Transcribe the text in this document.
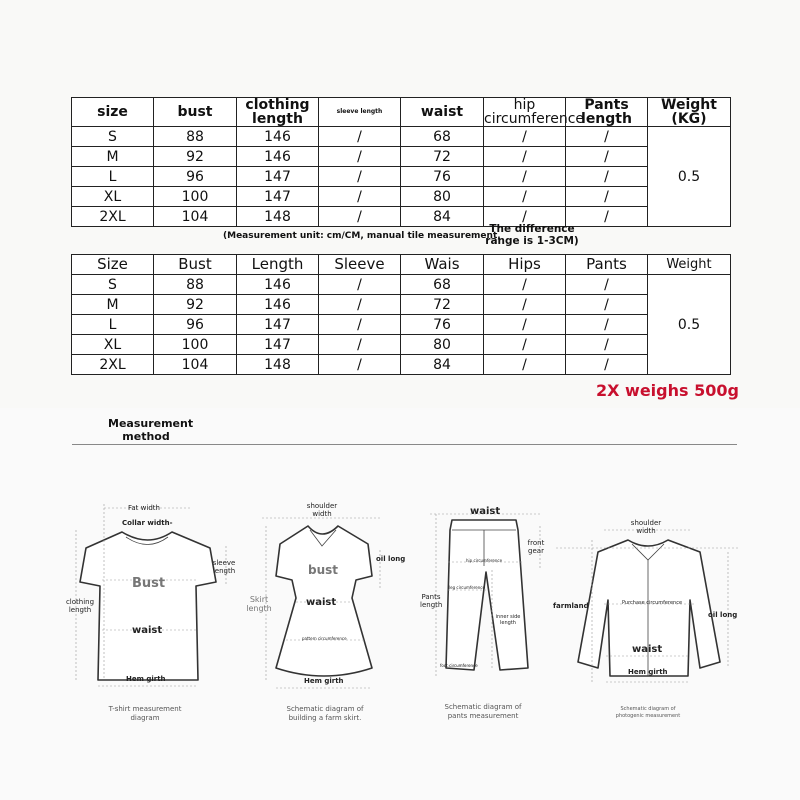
size	bust	clothing length	sleeve length	waist	hip circumference	Pants length	Weight (KG)
S	88	146	/	68	/	/	0.5
M	92	146	/	72	/	/	
L	96	147	/	76	/	/	
XL	100	147	/	80	/	/	
2XL	104	148	/	84	/	/	
(Measurement unit: cm/CM, manual tile measurement,
The difference range is 1-3CM)
Size	Bust	Length	Sleeve	Wais	Hips	Pants	Weight
S	88	146	/	68	/	/	0.5
M	92	146	/	72	/	/	
L	96	147	/	76	/	/	
XL	100	147	/	80	/	/	
2XL	104	148	/	84	/	/	
2X weighs 500g
Measurement method
Fat width
Collar width-
sleeve length
Bust
clothing length
waist
Hem girth
T-shirt measurement diagram
shoulder width
oil long
bust
Skirt length
waist
pattern circumference
Hem girth
Schematic diagram of building a farm skirt.
waist
front gear
hip circumference
Pants length
leg circumference
inner side length
foot circumference
Schematic diagram of pants measurement
shoulder width
farmland	Purchase circumference
oil long
waist
Hem girth
Schematic diagram of photogenic measurement
